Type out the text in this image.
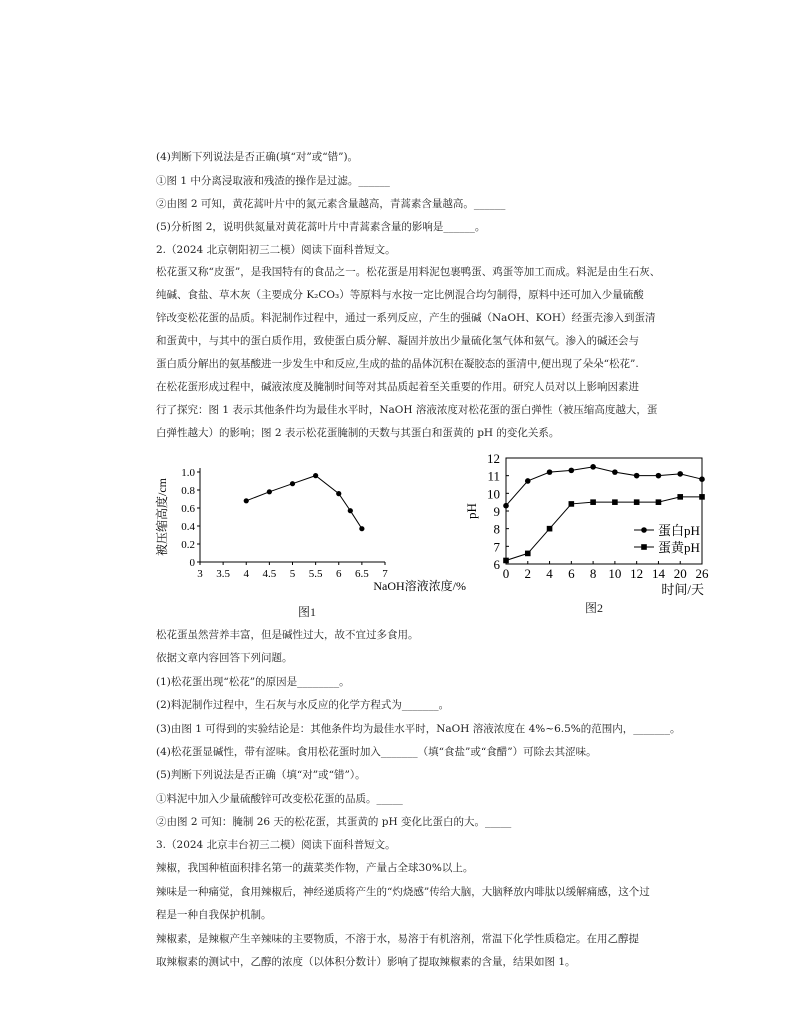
(4)判断下列说法是否正确(填“对”或“错”)。
①图 1 中分离浸取液和残渣的操作是过滤。______
②由图 2 可知，黄花蒿叶片中的氮元素含量越高，青蒿素含量越高。______
(5)分析图 2，说明供氮量对黄花蒿叶片中青蒿素含量的影响是______。
2.（2024 北京朝阳初三二模）阅读下面科普短文。
松花蛋又称“皮蛋”，是我国特有的食品之一。松花蛋是用料泥包裹鸭蛋、鸡蛋等加工而成。料泥是由生石灰、
纯碱、食盐、草木灰（主要成分 K₂CO₃）等原料与水按一定比例混合均匀制得，原料中还可加入少量硫酸
锌改变松花蛋的品质。料泥制作过程中，通过一系列反应，产生的强碱（NaOH、KOH）经蛋壳渗入到蛋清
和蛋黄中，与其中的蛋白质作用，致使蛋白质分解、凝固并放出少量硫化氢气体和氨气。渗入的碱还会与
蛋白质分解出的氨基酸进一步发生中和反应,生成的盐的晶体沉积在凝胶态的蛋清中,便出现了朵朵“松花”.
在松花蛋形成过程中，碱液浓度及腌制时间等对其品质起着至关重要的作用。研究人员对以上影响因素进
行了探究：图 1 表示其他条件均为最佳水平时，NaOH 溶液浓度对松花蛋的蛋白弹性（被压缩高度越大，蛋
白弹性越大）的影响；图 2 表示松花蛋腌制的天数与其蛋白和蛋黄的 pH 的变化关系。
3 3.5 4 4.5 5 5.5 6 6.5 7
0
0.2
0.4
0.6
0.8
1.0
被压缩高度/cm
NaOH溶液浓度/%
图1
6
7
8
9
10
11
12
0 2 4 6 8 10 12 14 20 26
蛋白pH
蛋黄pH
pH
时间/天
图2
松花蛋虽然营养丰富，但是碱性过大，故不宜过多食用。
依据文章内容回答下列问题。
(1)松花蛋出现“松花”的原因是________。
(2)料泥制作过程中，生石灰与水反应的化学方程式为_______。
(3)由图 1 可得到的实验结论是：其他条件均为最佳水平时，NaOH 溶液浓度在 4%~6.5%的范围内，_______。
(4)松花蛋显碱性，带有涩味。食用松花蛋时加入_______（填“食盐”或“食醋”）可除去其涩味。
(5)判断下列说法是否正确（填“对”或“错”）。
①料泥中加入少量硫酸锌可改变松花蛋的品质。_____
②由图 2 可知：腌制 26 天的松花蛋，其蛋黄的 pH 变化比蛋白的大。_____
3.（2024 北京丰台初三二模）阅读下面科普短文。
辣椒，我国种植面积排名第一的蔬菜类作物，产量占全球30%以上。
辣味是一种痛觉，食用辣椒后，神经递质将产生的“灼烧感”传给大脑，大脑释放内啡肽以缓解痛感，这个过
程是一种自我保护机制。
辣椒素，是辣椒产生辛辣味的主要物质，不溶于水，易溶于有机溶剂，常温下化学性质稳定。在用乙醇提
取辣椒素的测试中，乙醇的浓度（以体积分数计）影响了提取辣椒素的含量，结果如图 1。
